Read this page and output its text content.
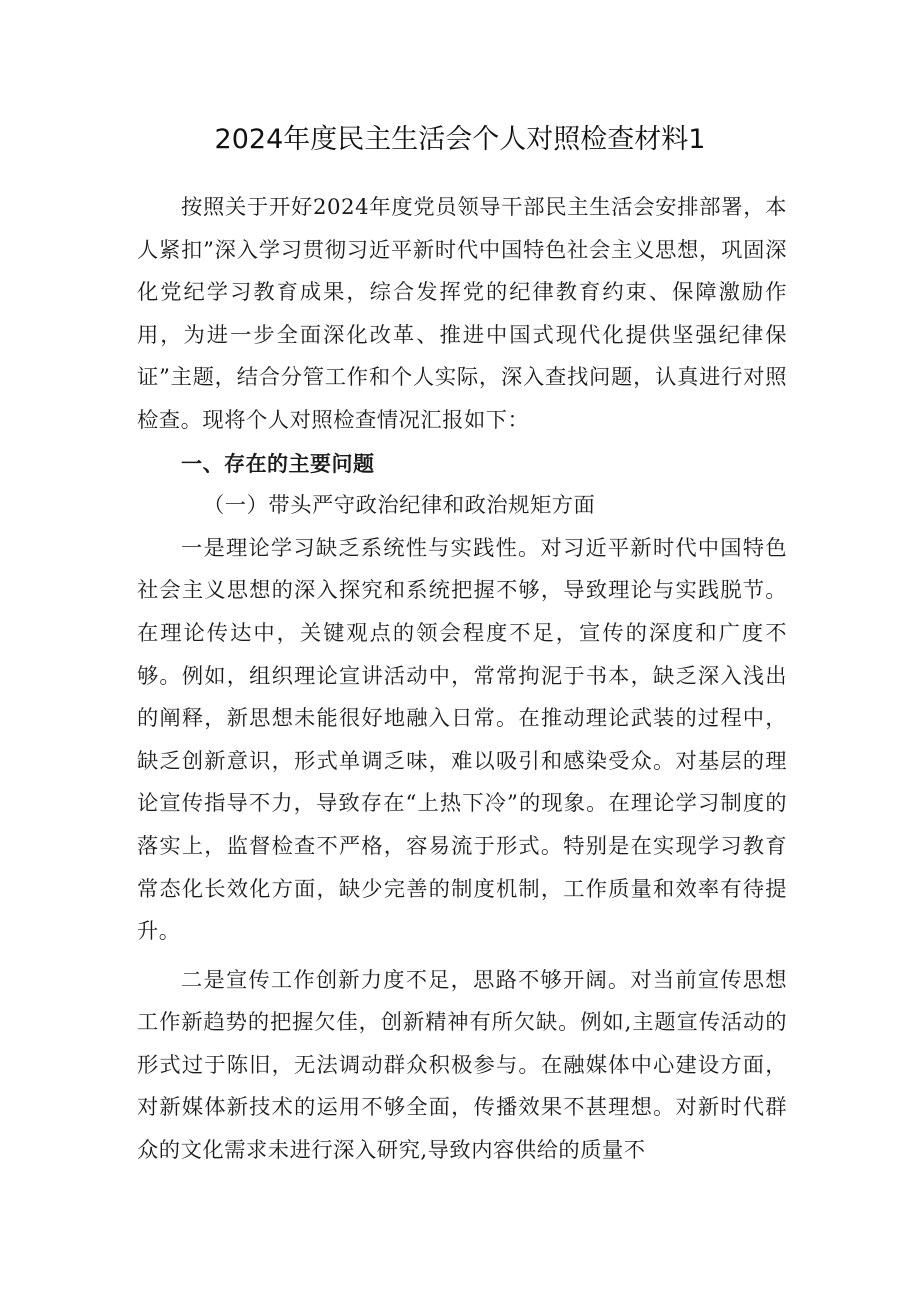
2024年度民主生活会个人对照检查材料1

按照关于开好2024年度党员领导干部民主生活会安排部署，本人紧扣”深入学习贯彻习近平新时代中国特色社会主义思想，巩固深化党纪学习教育成果，综合发挥党的纪律教育约束、保障激励作用，为进一步全面深化改革、推进中国式现代化提供坚强纪律保证”主题，结合分管工作和个人实际，深入查找问题，认真进行对照检查。现将个人对照检查情况汇报如下：

一、存在的主要问题

（一）带头严守政治纪律和政治规矩方面

一是理论学习缺乏系统性与实践性。对习近平新时代中国特色社会主义思想的深入探究和系统把握不够，导致理论与实践脱节。在理论传达中，关键观点的领会程度不足，宣传的深度和广度不够。例如，组织理论宣讲活动中，常常拘泥于书本，缺乏深入浅出的阐释，新思想未能很好地融入日常。在推动理论武装的过程中，缺乏创新意识，形式单调乏味，难以吸引和感染受众。对基层的理论宣传指导不力，导致存在“上热下冷”的现象。在理论学习制度的落实上，监督检查不严格，容易流于形式。特别是在实现学习教育常态化长效化方面，缺少完善的制度机制，工作质量和效率有待提升。

二是宣传工作创新力度不足，思路不够开阔。对当前宣传思想工作新趋势的把握欠佳，创新精神有所欠缺。例如,主题宣传活动的形式过于陈旧，无法调动群众积极参与。在融媒体中心建设方面，对新媒体新技术的运用不够全面，传播效果不甚理想。对新时代群众的文化需求未进行深入研究,导致内容供给的质量不
